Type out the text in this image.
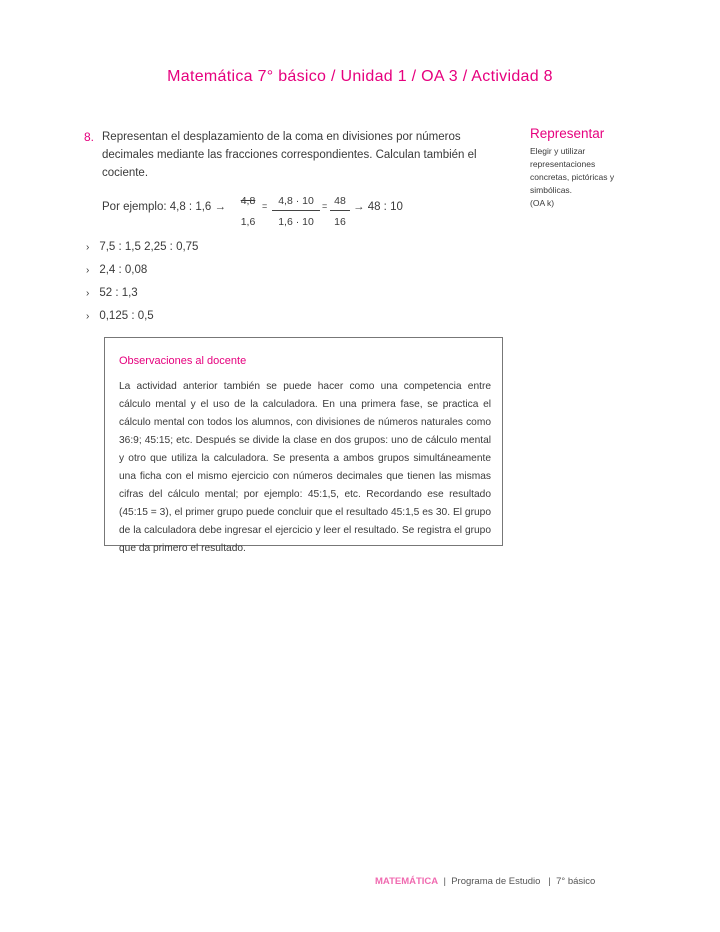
Matemática 7° básico / Unidad 1 / OA 3 / Actividad 8
8. Representan el desplazamiento de la coma en divisiones por números decimales mediante las fracciones correspondientes. Calculan también el cociente.
Por ejemplo: 4,8 : 1,6 →	4,8
1,6
=	4,8 · 10
1,6 · 10
= 48
16
→ 48 : 10
› 7,5 : 1,5 2,25 : 0,75
› 2,4 : 0,08
› 52 : 1,3
› 0,125 : 0,5
Observaciones al docente
La actividad anterior también se puede hacer como una competencia entre cálculo mental y el uso de la calculadora. En una primera fase, se practica el cálculo mental con todos los alumnos, con divisiones de números naturales como 36:9; 45:15; etc. Después se divide la clase en dos grupos: uno de cálculo mental y otro que utiliza la calculadora. Se presenta a ambos grupos simultáneamente una ficha con el mismo ejercicio con números decimales que tienen las mismas cifras del cálculo mental; por ejemplo: 45:1,5, etc. Recordando ese resultado (45:15 = 3), el primer grupo puede concluir que el resultado 45:1,5 es 30. El grupo de la calculadora debe ingresar el ejercicio y leer el resultado. Se registra el grupo que da primero el resultado.
Representar
Elegir y utilizar
representaciones
concretas, pictóricas y
simbólicas.
(OA k)
MATEMÁTICA | Programa de Estudio | 7° básico
